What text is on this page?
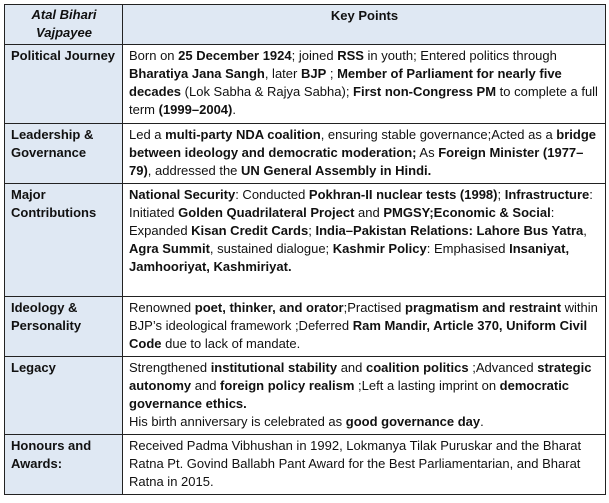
Atal Bihari Vajpayee	Key Points
Political Journey	Born on 25 December 1924; joined RSS in youth; Entered politics through Bharatiya Jana Sangh, later BJP ; Member of Parliament for nearly five decades (Lok Sabha & Rajya Sabha); First non-Congress PM to complete a full term (1999–2004).
Leadership & Governance	Led a multi-party NDA coalition, ensuring stable governance;Acted as a bridge between ideology and democratic moderation; As Foreign Minister (1977–79), addressed the UN General Assembly in Hindi.
Major Contributions	National Security: Conducted Pokhran-II nuclear tests (1998); Infrastructure: Initiated Golden Quadrilateral Project and PMGSY;Economic & Social: Expanded Kisan Credit Cards; India–Pakistan Relations: Lahore Bus Yatra, Agra Summit, sustained dialogue; Kashmir Policy: Emphasised Insaniyat, Jamhooriyat, Kashmiriyat.
Ideology & Personality	Renowned poet, thinker, and orator;Practised pragmatism and restraint within BJP’s ideological framework ;Deferred Ram Mandir, Article 370, Uniform Civil Code due to lack of mandate.
Legacy	Strengthened institutional stability and coalition politics ;Advanced strategic autonomy and foreign policy realism ;Left a lasting imprint on democratic governance ethics.
His birth anniversary is celebrated as good governance day.
Honours and Awards:	Received Padma Vibhushan in 1992, Lokmanya Tilak Puruskar and the Bharat Ratna Pt. Govind Ballabh Pant Award for the Best Parliamentarian, and Bharat Ratna in 2015.
